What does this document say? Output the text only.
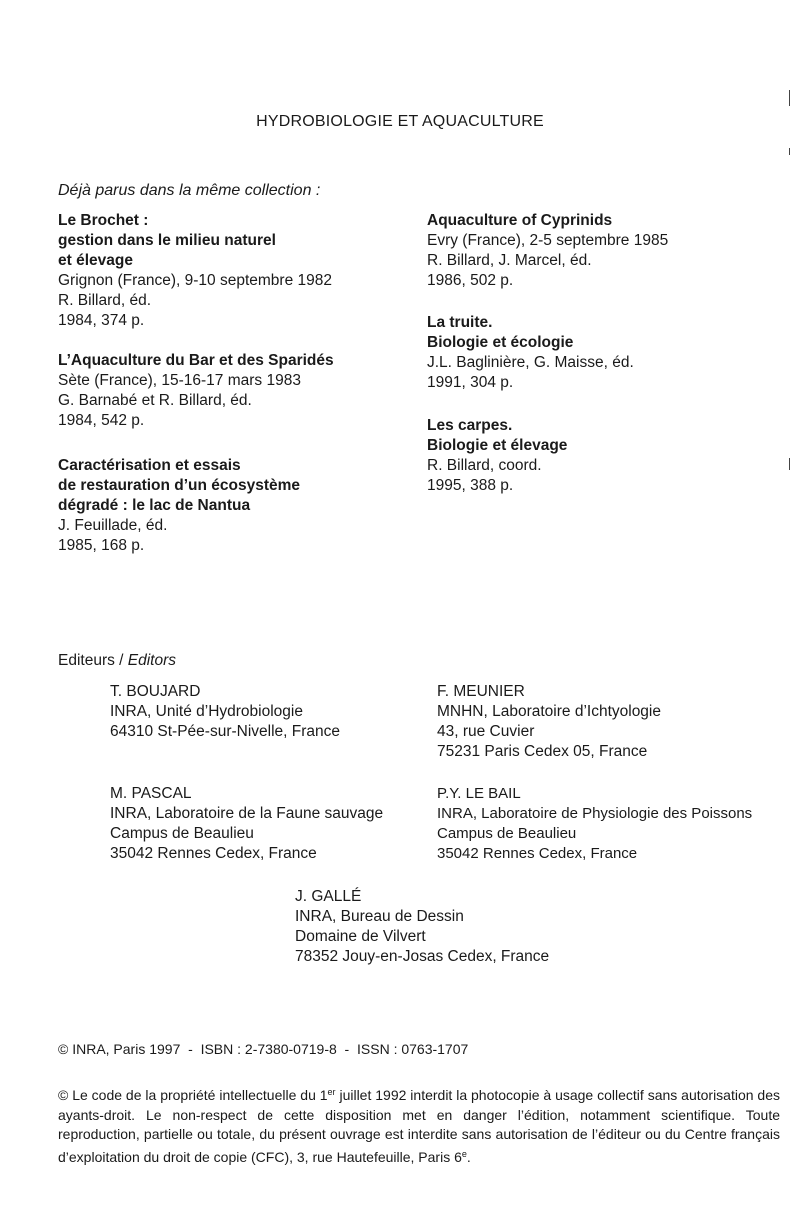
HYDROBIOLOGIE ET AQUACULTURE
Déjà parus dans la même collection :
Le Brochet :
gestion dans le milieu naturel
et élevage
Grignon (France), 9-10 septembre 1982
R. Billard, éd.
1984, 374 p.
L’Aquaculture du Bar et des Sparidés
Sète (France), 15-16-17 mars 1983
G. Barnabé et R. Billard, éd.
1984, 542 p.
Caractérisation et essais
de restauration d’un écosystème
dégradé : le lac de Nantua
J. Feuillade, éd.
1985, 168 p.
Aquaculture of Cyprinids
Evry (France), 2-5 septembre 1985
R. Billard, J. Marcel, éd.
1986, 502 p.
La truite.
Biologie et écologie
J.L. Baglinière, G. Maisse, éd.
1991, 304 p.
Les carpes.
Biologie et élevage
R. Billard, coord.
1995, 388 p.
Editeurs / Editors
T. BOUJARD
INRA, Unité d’Hydrobiologie
64310 St-Pée-sur-Nivelle, France
F. MEUNIER
MNHN, Laboratoire d’Ichtyologie
43, rue Cuvier
75231 Paris Cedex 05, France
M. PASCAL
INRA, Laboratoire de la Faune sauvage
Campus de Beaulieu
35042 Rennes Cedex, France
P.Y. LE BAIL
INRA, Laboratoire de Physiologie des Poissons
Campus de Beaulieu
35042 Rennes Cedex, France
J. GALLÉ
INRA, Bureau de Dessin
Domaine de Vilvert
78352 Jouy-en-Josas Cedex, France
© INRA, Paris 1997  -  ISBN : 2-7380-0719-8  -  ISSN : 0763-1707
© Le code de la propriété intellectuelle du 1er juillet 1992 interdit la photocopie à usage collectif sans autorisation des ayants-droit. Le non-respect de cette disposition met en danger l’édition, notamment scientifique. Toute reproduction, partielle ou totale, du présent ouvrage est interdite sans autorisation de l’éditeur ou du Centre français d’exploitation du droit de copie (CFC), 3, rue Hautefeuille, Paris 6e.
